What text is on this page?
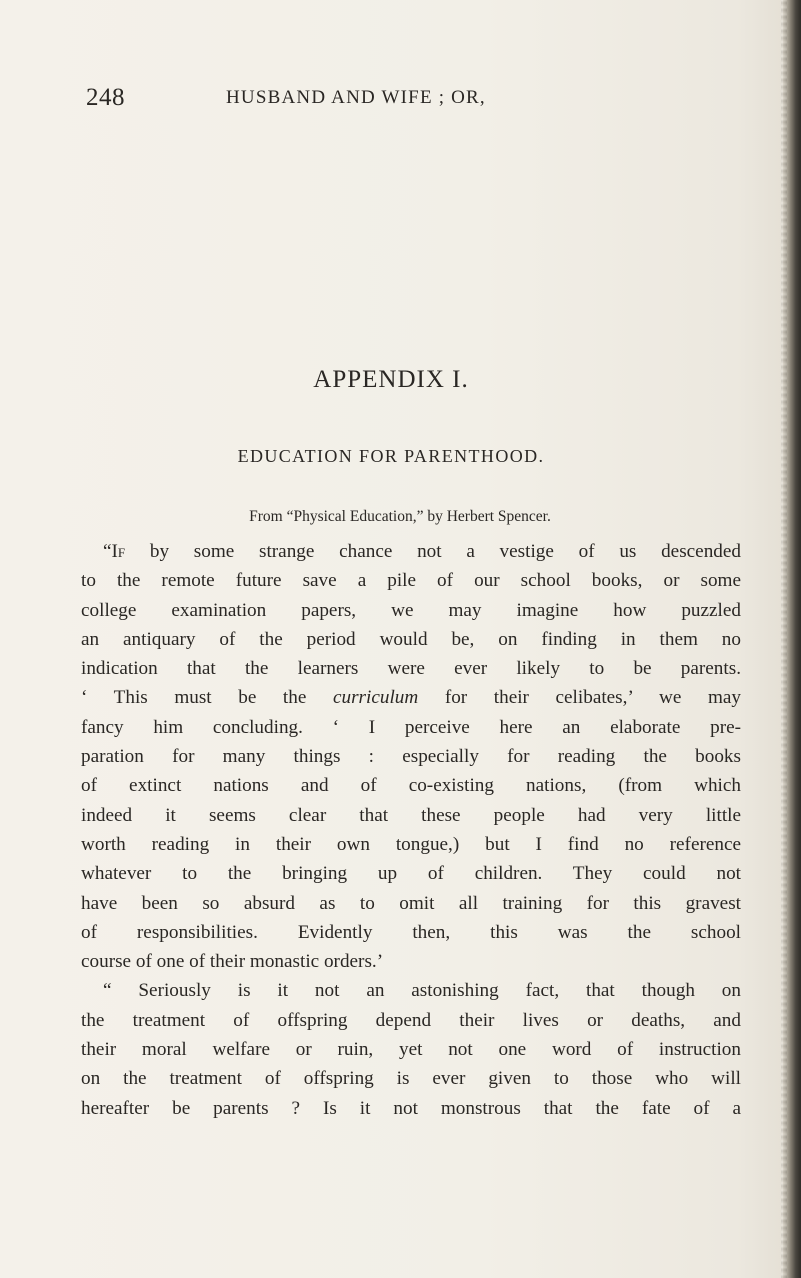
248	HUSBAND AND WIFE ; OR,
APPENDIX I.
EDUCATION FOR PARENTHOOD.
From “Physical Education,” by Herbert Spencer.
“If by some strange chance not a vestige of us descended
to the remote future save a pile of our school books, or some
college examination papers, we may imagine how puzzled
an antiquary of the period would be, on finding in them no
indication that the learners were ever likely to be parents.
‘ This must be the curriculum for their celibates,’ we may
fancy him concluding. ‘ I perceive here an elaborate pre-
paration for many things : especially for reading the books
of extinct nations and of co-existing nations, (from which
indeed it seems clear that these people had very little
worth reading in their own tongue,) but I find no reference
whatever to the bringing up of children. They could not
have been so absurd as to omit all training for this gravest
of responsibilities. Evidently then, this was the school
course of one of their monastic orders.’
“ Seriously is it not an astonishing fact, that though on
the treatment of offspring depend their lives or deaths, and
their moral welfare or ruin, yet not one word of instruction
on the treatment of offspring is ever given to those who will
hereafter be parents ? Is it not monstrous that the fate of a
